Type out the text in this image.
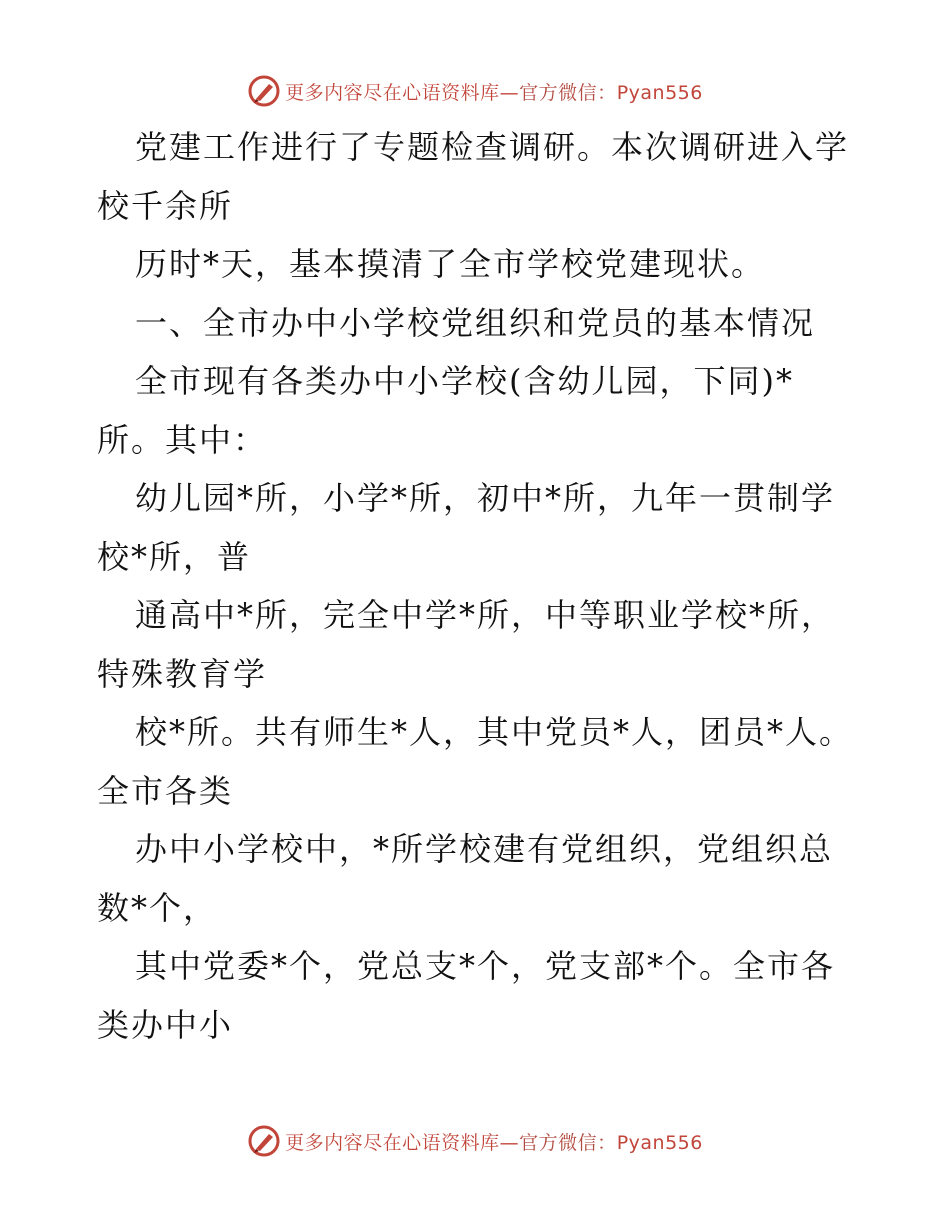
更多内容尽在心语资料库—官方微信：Pyan556

党建工作进行了专题检查调研。本次调研进入学校千余所

历时*天，基本摸清了全市学校党建现状。

一、全市办中小学校党组织和党员的基本情况

全市现有各类办中小学校(含幼儿园，下同)*所。其中：

幼儿园*所，小学*所，初中*所，九年一贯制学校*所，普

通高中*所，完全中学*所，中等职业学校*所，特殊教育学

校*所。共有师生*人，其中党员*人，团员*人。全市各类

办中小学校中，*所学校建有党组织，党组织总数*个，

其中党委*个，党总支*个，党支部*个。全市各类办中小

更多内容尽在心语资料库—官方微信：Pyan556
